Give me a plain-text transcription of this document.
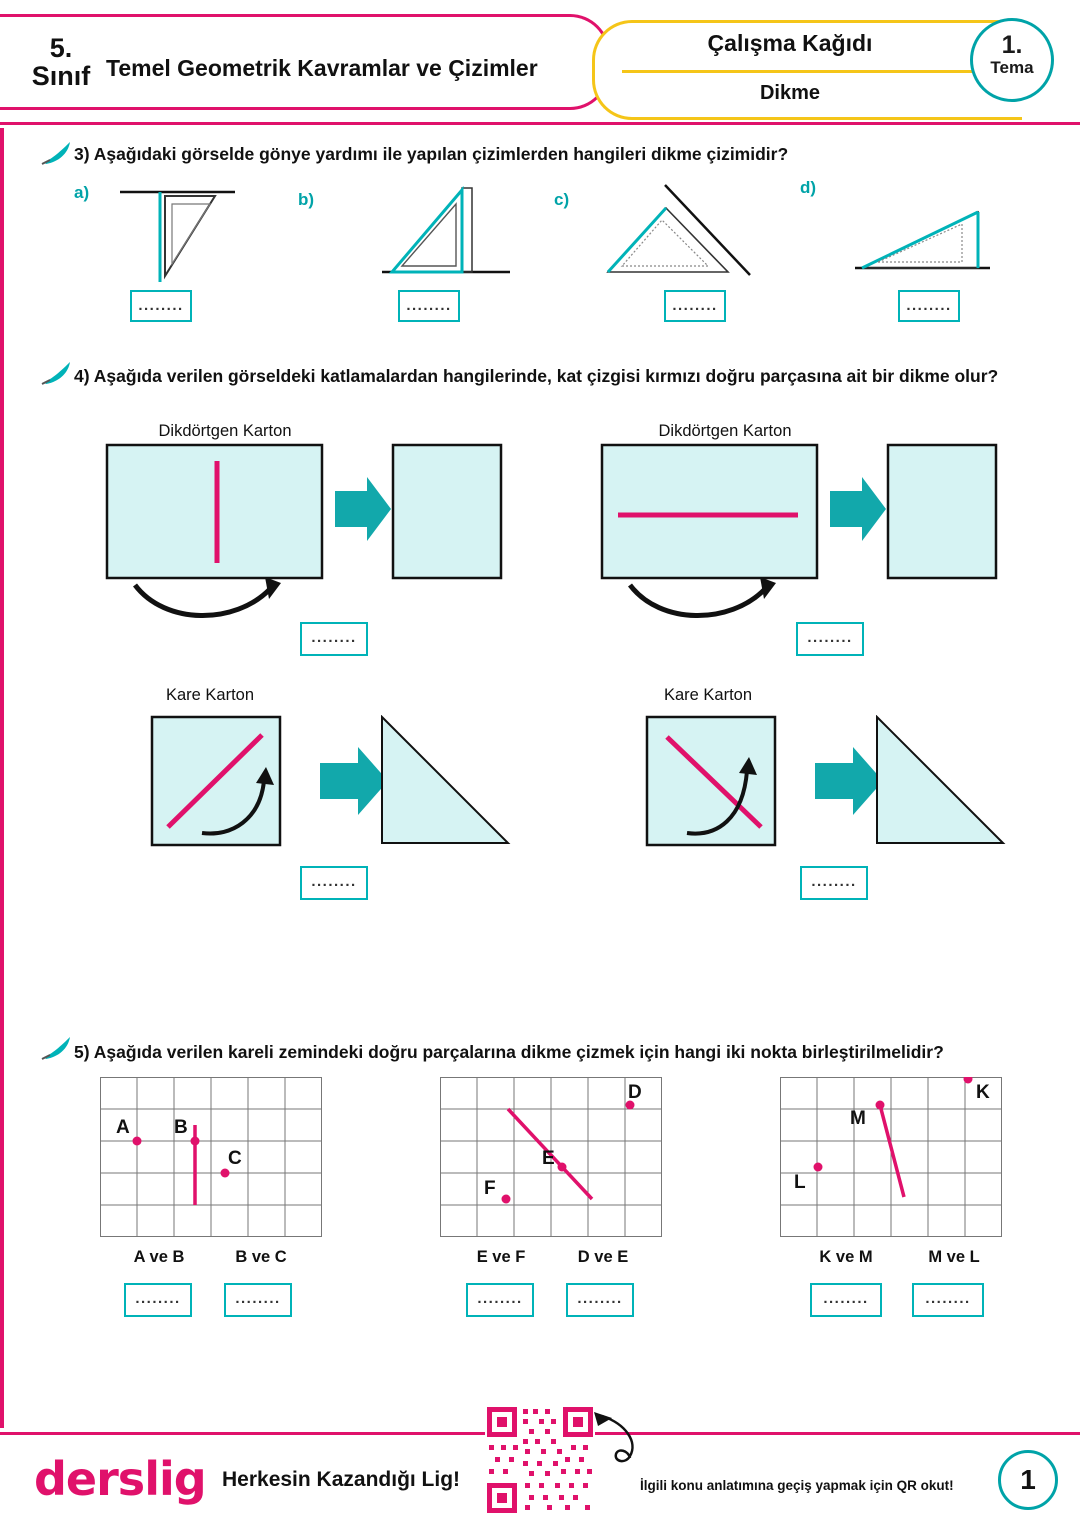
5.
Sınıf Temel Geometrik Kavramlar ve Çizimler
Çalışma Kağıdı
Dikme
1.
Tema
3) Aşağıdaki görselde gönye yardımı ile yapılan çizimlerden hangileri dikme çizimidir?
a)
........
b)
........
c)
........
d)
........
4) Aşağıda verilen görseldeki katlamalardan hangilerinde, kat çizgisi kırmızı doğru parçasına ait bir dikme olur?
Dikdörtgen Karton
........
Dikdörtgen Karton
........
Kare Karton
........
Kare Karton
........
5) Aşağıda verilen kareli zemindeki doğru parçalarına dikme çizmek için hangi iki nokta birleştirilmelidir?
A B
C
A ve B	B ve C
........	........
D
E
F
E ve F	D ve E
........	........
K
M
L
K ve M	M ve L
........	........
derslig Herkesin Kazandığı Lig!	İlgili konu anlatımına geçiş yapmak için QR okut!	1
